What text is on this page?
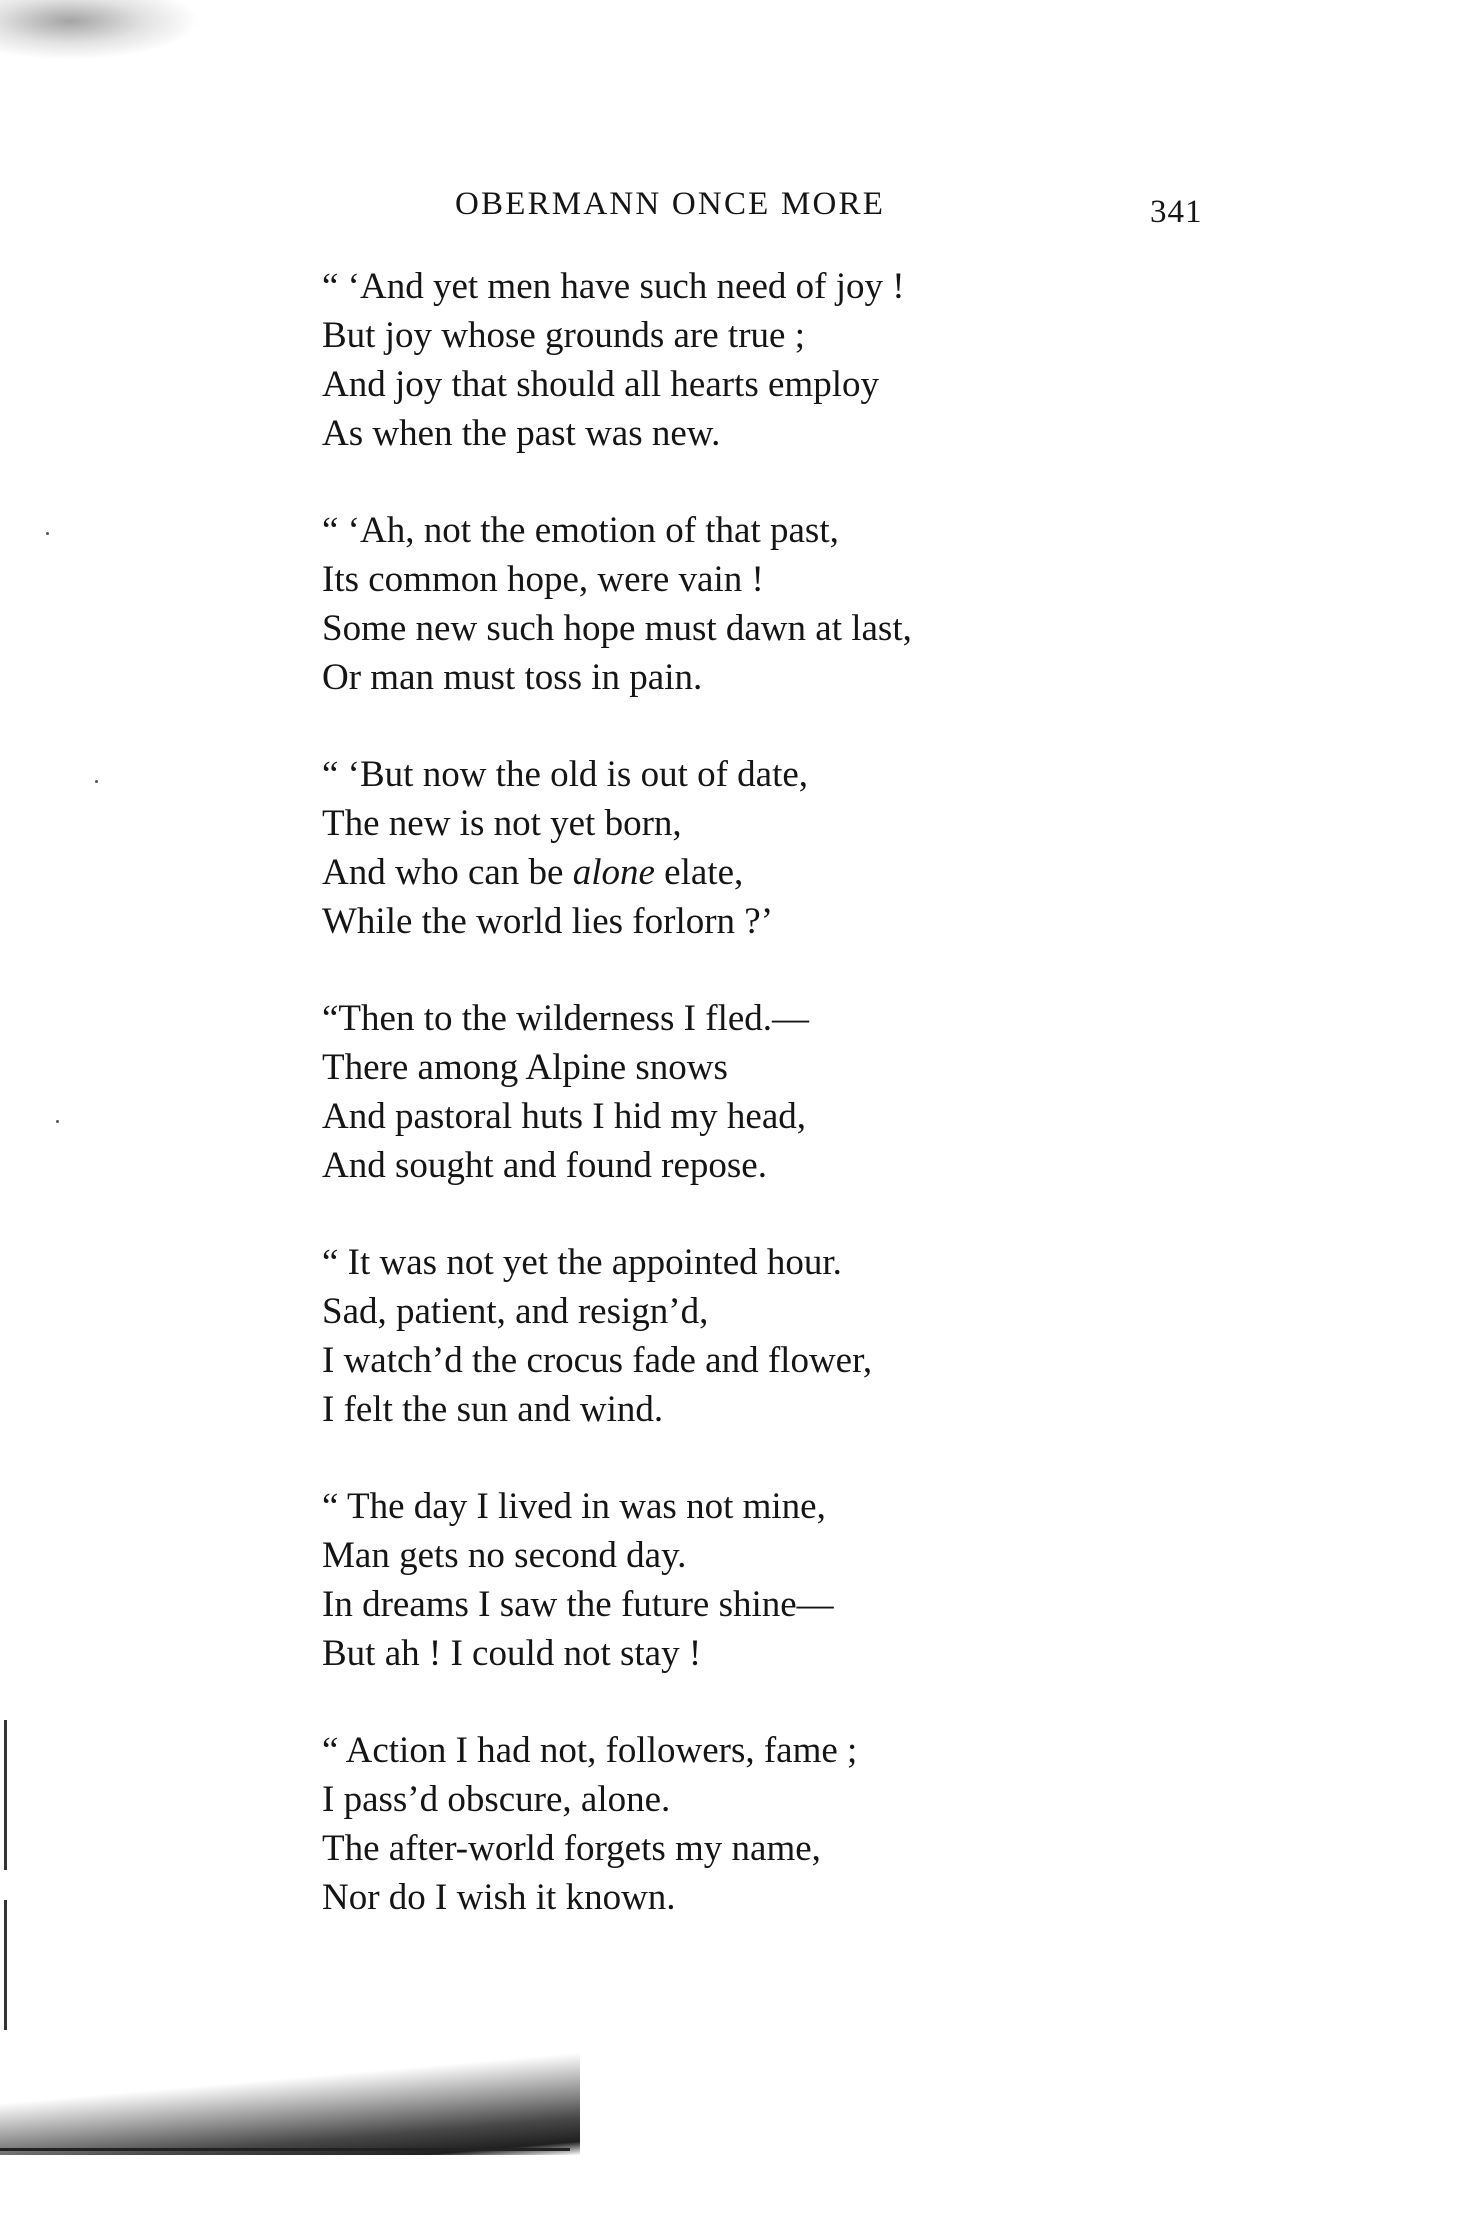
OBERMANN ONCE MORE	341
“ ‘And yet men have such need of joy !
But joy whose grounds are true ;
And joy that should all hearts employ
As when the past was new.
“ ‘Ah, not the emotion of that past,
Its common hope, were vain !
Some new such hope must dawn at last,
Or man must toss in pain.
“ ‘But now the old is out of date,
The new is not yet born,
And who can be alone elate,
While the world lies forlorn ?’
“Then to the wilderness I fled.—
There among Alpine snows
And pastoral huts I hid my head,
And sought and found repose.
“ It was not yet the appointed hour.
Sad, patient, and resign’d,
I watch’d the crocus fade and flower,
I felt the sun and wind.
“ The day I lived in was not mine,
Man gets no second day.
In dreams I saw the future shine—
But ah ! I could not stay !
“ Action I had not, followers, fame ;
I pass’d obscure, alone.
The after-world forgets my name,
Nor do I wish it known.
